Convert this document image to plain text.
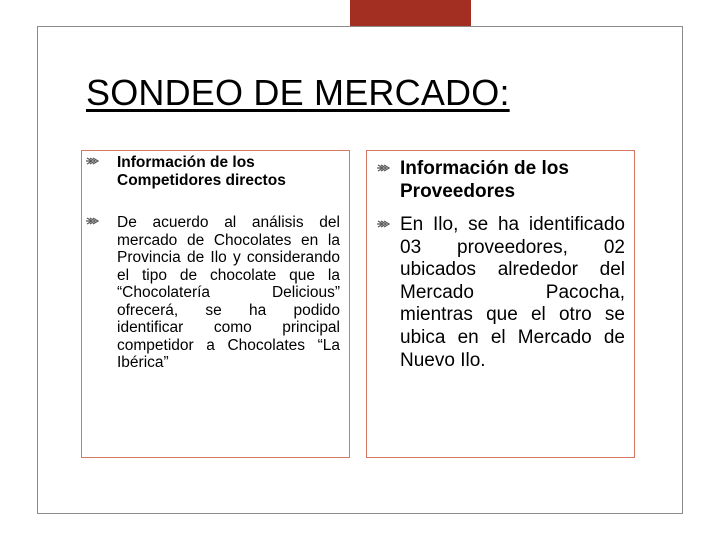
SONDEO DE MERCADO:
Información de los Competidores directos
De acuerdo al análisis del mercado de Chocolates en la Provincia de Ilo y considerando el tipo de chocolate que la “Chocolatería Delicious” ofrecerá, se ha podido identificar como principal competidor a Chocolates “La Ibérica”
Información de los Proveedores
En Ilo, se ha identificado 03 proveedores, 02 ubicados alrededor del Mercado Pacocha, mientras que el otro se ubica en el Mercado de Nuevo Ilo.
